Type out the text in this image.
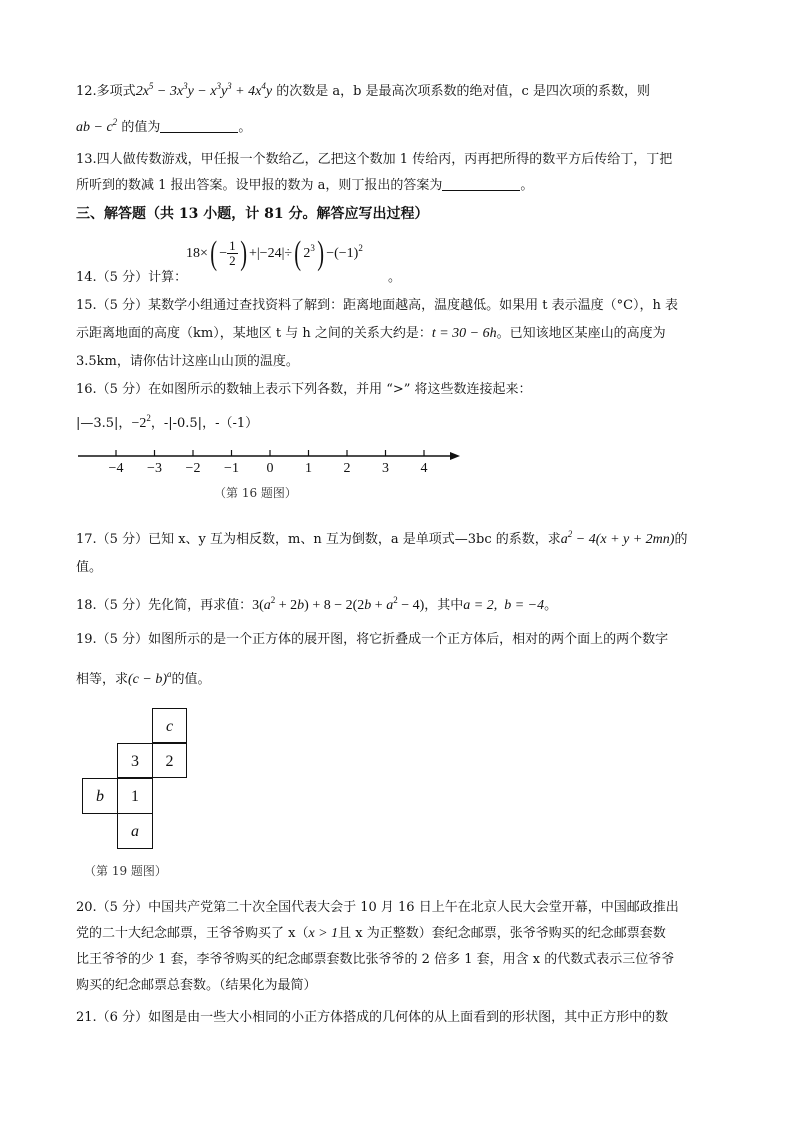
12.多项式$2x^5 - 3x^3y - x^3y^3 + 4x^4y$ 的次数是 a，b 是最高次项系数的绝对值，c 是四次项的系数，则
ab − $c^2$ 的值为	。
13.四人做传数游戏，甲任报一个数给乙，乙把这个数加 1 传给丙，丙再把所得的数平方后传给丁，丁把
所听到的数减 1 报出答案。设甲报的数为 a，则丁报出的答案为	。
三、解答题（共 13 小题，计 81 分。解答应写出过程）
$18\times( - \frac{1}{2}$ ) +|−24|÷( $2^3) -(-1)^2$
14.（5 分）计算：	。
15.（5 分）某数学小组通过查找资料了解到：距离地面越高，温度越低。如果用 t 表示温度（°C），h 表
示距离地面的高度（km），某地区 t 与 h 之间的关系大约是：t = 30 − 6h。已知该地区某座山的高度为
3.5km，请你估计这座山山顶的温度。
16.（5 分）在如图所示的数轴上表示下列各数，并用 “>” 将这些数连接起来：
|—3.5|，$-2^2$，-|-0.5|，-（-1）
−4 −3 −2 −1 0 1 2 3 4
（第 16 题图）
17.（5 分）已知 x、y 互为相反数，m、n 互为倒数，a 是单项式—3bc 的系数，求$a^2 - 4(x + y + 2mn)$的
值。
18.（5 分）先化简，再求值：$3(a^2 + 2b) + 8 - 2(2b + a^2 - 4)$，其中a = 2,  b = −4。
19.（5 分）如图所示的是一个正方体的展开图，将它折叠成一个正方体后，相对的两个面上的两个数字
相等，求$(c - b)^a$的值。
c
3	2
b	1
a
（第 19 题图）
20.（5 分）中国共产党第二十次全国代表大会于 10 月 16 日上午在北京人民大会堂开幕，中国邮政推出
党的二十大纪念邮票，王爷爷购买了 x（x > 1且 x 为正整数）套纪念邮票，张爷爷购买的纪念邮票套数
比王爷爷的少 1 套，李爷爷购买的纪念邮票套数比张爷爷的 2 倍多 1 套，用含 x 的代数式表示三位爷爷
购买的纪念邮票总套数。（结果化为最简）
21.（6 分）如图是由一些大小相同的小正方体搭成的几何体的从上面看到的形状图，其中正方形中的数
